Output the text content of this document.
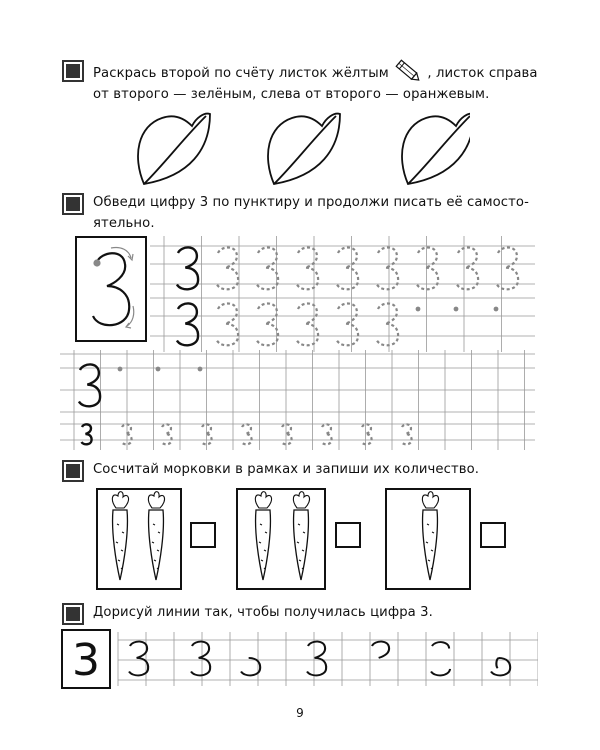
Раскрась второй по счёту листок жёлтым	, листок справа
от второго — зелёным, слева от второго — оранжевым.
Обведи цифру 3 по пунктиру и продолжи писать её самосто-
ятельно.
Сосчитай морковки в рамках и запиши их количество.
Дорисуй линии так, чтобы получилась цифра 3.
3
9
